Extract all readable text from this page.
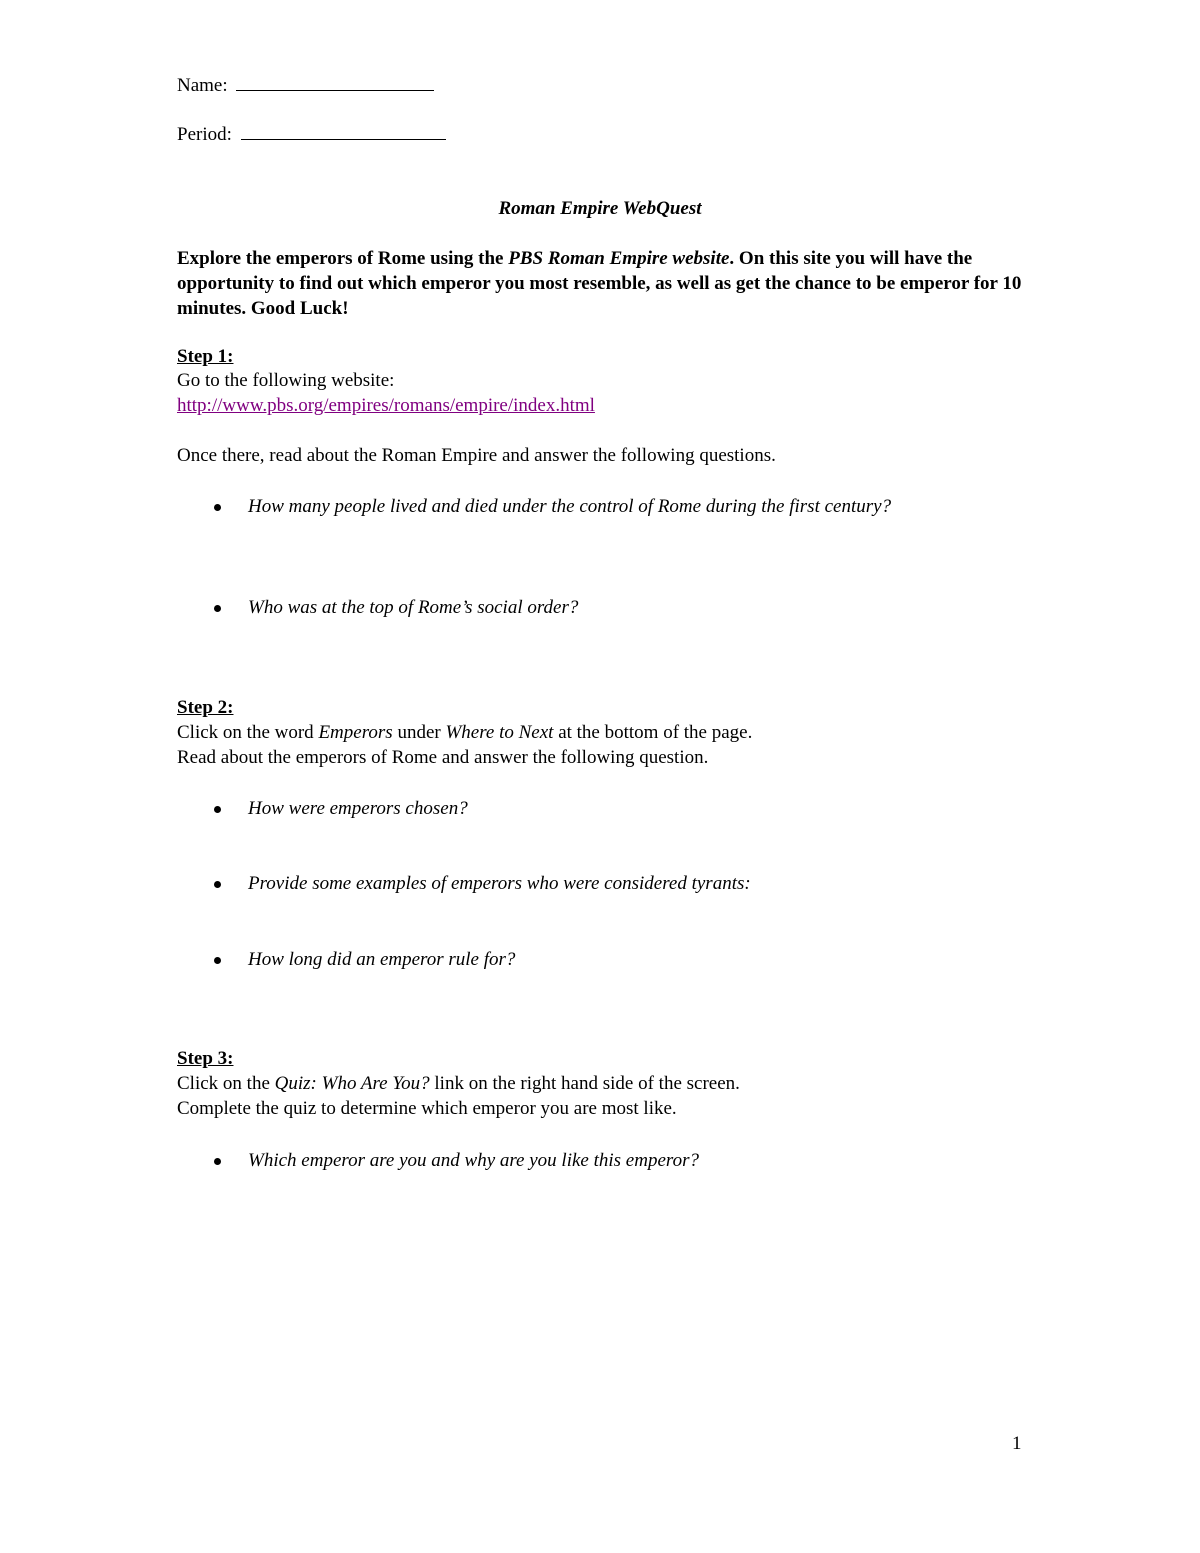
Name:
Period:
Roman Empire WebQuest
Explore the emperors of Rome using the PBS Roman Empire website. On this site you will have the opportunity to find out which emperor you most resemble, as well as get the chance to be emperor for 10 minutes. Good Luck!
Step 1:
Go to the following website:
http://www.pbs.org/empires/romans/empire/index.html
Once there, read about the Roman Empire and answer the following questions.
How many people lived and died under the control of Rome during the first century?
Who was at the top of Rome’s social order?
Step 2:
Click on the word Emperors under Where to Next at the bottom of the page.
Read about the emperors of Rome and answer the following question.
How were emperors chosen?
Provide some examples of emperors who were considered tyrants:
How long did an emperor rule for?
Step 3:
Click on the Quiz: Who Are You? link on the right hand side of the screen.
Complete the quiz to determine which emperor you are most like.
Which emperor are you and why are you like this emperor?
1
